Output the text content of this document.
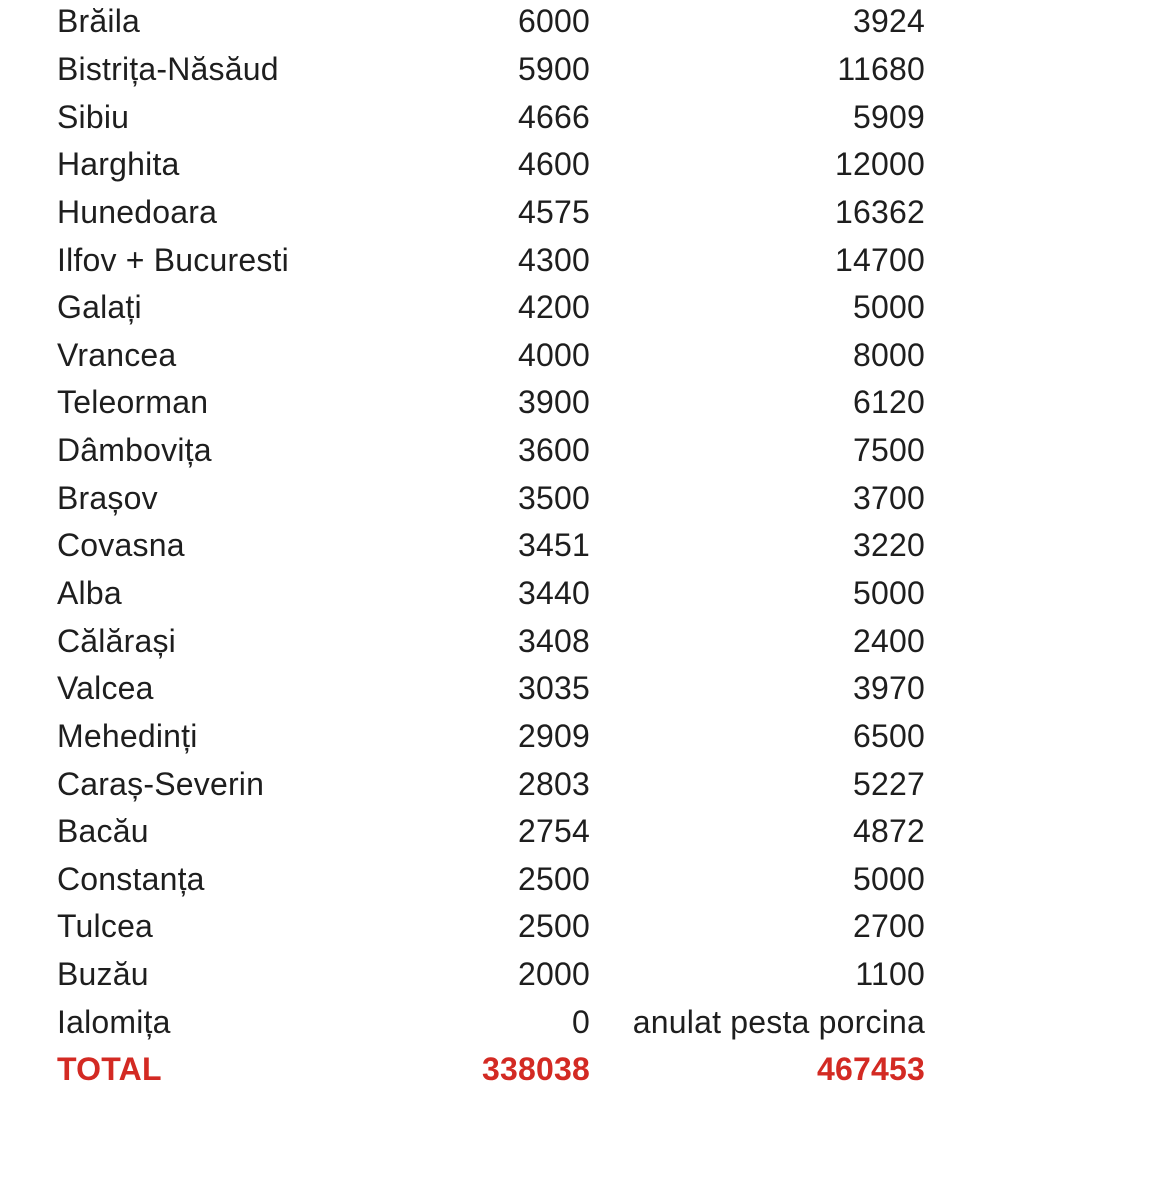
Brăila	6000	3924
Bistrița-Năsăud	5900	11680
Sibiu	4666	5909
Harghita	4600	12000
Hunedoara	4575	16362
Ilfov + Bucuresti	4300	14700
Galați	4200	5000
Vrancea	4000	8000
Teleorman	3900	6120
Dâmbovița	3600	7500
Brașov	3500	3700
Covasna	3451	3220
Alba	3440	5000
Călărași	3408	2400
Valcea	3035	3970
Mehedinți	2909	6500
Caraș-Severin	2803	5227
Bacău	2754	4872
Constanța	2500	5000
Tulcea	2500	2700
Buzău	2000	1100
Ialomița	0	anulat pesta porcina
TOTAL	338038	467453
